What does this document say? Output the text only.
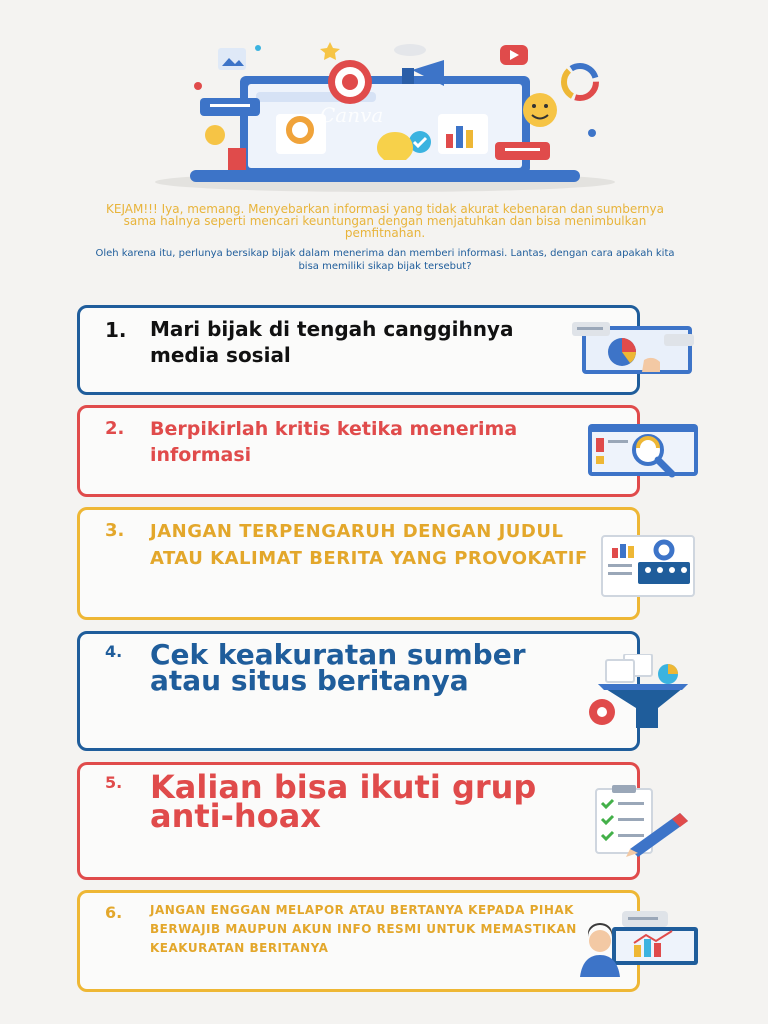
Canva

KEJAM!!! Iya, memang. Menyebarkan informasi yang tidak akurat kebenaran dan sumbernya sama halnya seperti mencari keuntungan dengan menjatuhkan dan bisa menimbulkan pemfitnahan.

Oleh karena itu, perlunya bersikap bijak dalam menerima dan memberi informasi. Lantas, dengan cara apakah kita bisa memiliki sikap bijak tersebut?

1. Mari bijak di tengah canggihnya media sosial

2. Berpikirlah kritis ketika menerima informasi

3. JANGAN TERPENGARUH DENGAN JUDUL ATAU KALIMAT BERITA YANG PROVOKATIF

4. Cek keakuratan sumber atau situs beritanya

5. Kalian bisa ikuti grup anti-hoax

6. JANGAN ENGGAN MELAPOR ATAU BERTANYA KEPADA PIHAK BERWAJIB MAUPUN AKUN INFO RESMI UNTUK MEMASTIKAN KEAKURATAN BERITANYA
